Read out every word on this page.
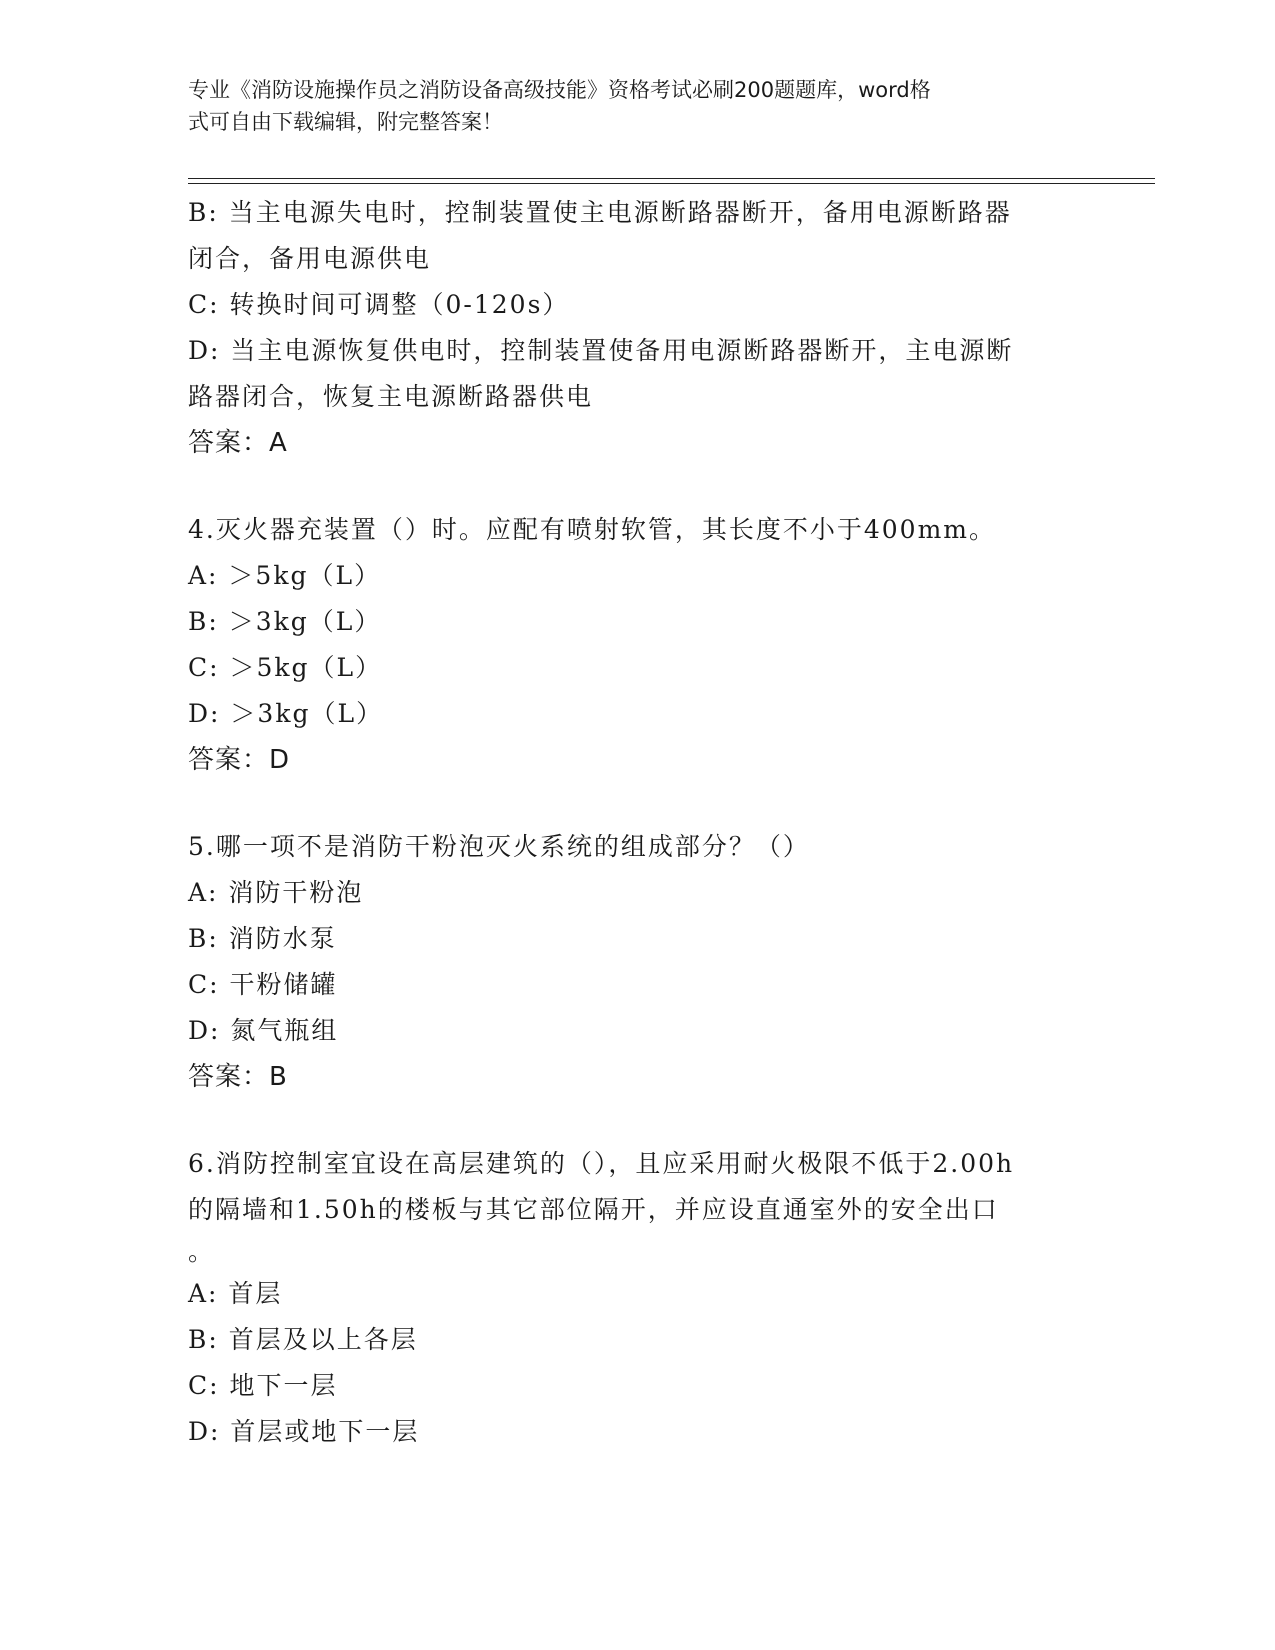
专业《消防设施操作员之消防设备高级技能》资格考试必刷200题题库，word格
式可自由下载编辑，附完整答案！
B: 当主电源失电时，控制装置使主电源断路器断开，备用电源断路器
闭合，备用电源供电
C: 转换时间可调整（0-120s）
D: 当主电源恢复供电时，控制装置使备用电源断路器断开，主电源断
路器闭合，恢复主电源断路器供电
答案：A
4.灭火器充装置（）时。应配有喷射软管，其长度不小于400mm。
A: ＞5kg（L）
B: ＞3kg（L）
C: ＞5kg（L）
D: ＞3kg（L）
答案：D
5.哪一项不是消防干粉泡灭火系统的组成部分？（）
A: 消防干粉泡
B: 消防水泵
C: 干粉储罐
D: 氮气瓶组
答案：B
6.消防控制室宜设在高层建筑的（），且应采用耐火极限不低于2.00h
的隔墙和1.50h的楼板与其它部位隔开，并应设直通室外的安全出口
。
A: 首层
B: 首层及以上各层
C: 地下一层
D: 首层或地下一层
